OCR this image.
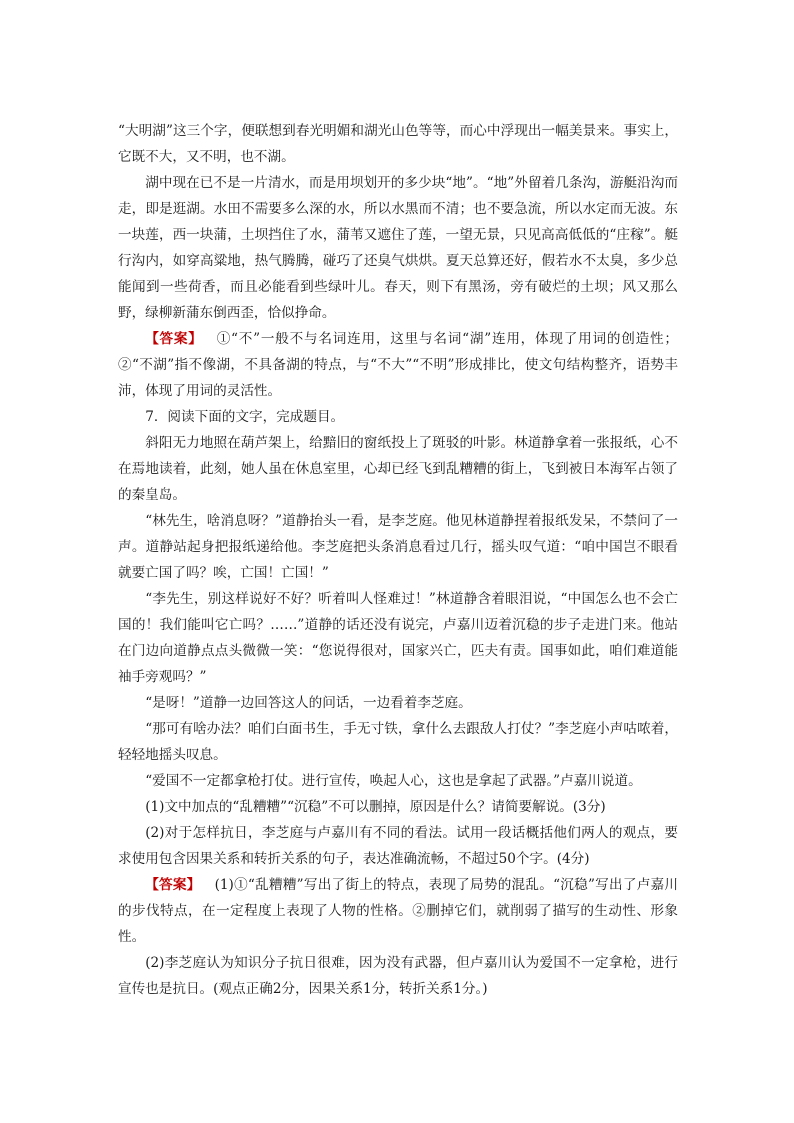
“大明湖”这三个字，便联想到春光明媚和湖光山色等等，而心中浮现出一幅美景来。事实上，它既不大，又不明，也不湖。

湖中现在已不是一片清水，而是用坝划开的多少块“地”。“地”外留着几条沟，游艇沿沟而走，即是逛湖。水田不需要多么深的水，所以水黑而不清；也不要急流，所以水定而无波。东一块莲，西一块蒲，土坝挡住了水，蒲苇又遮住了莲，一望无景，只见高高低低的“庄稼”。艇行沟内，如穿高粱地，热气腾腾，碰巧了还臭气烘烘。夏天总算还好，假若水不太臭，多少总能闻到一些荷香，而且必能看到些绿叶儿。春天，则下有黑汤，旁有破烂的土坝；风又那么野，绿柳新蒲东倒西歪，恰似挣命。

【答案】 ①“不”一般不与名词连用，这里与名词“湖”连用，体现了用词的创造性；②“不湖”指不像湖，不具备湖的特点，与“不大”“不明”形成排比，使文句结构整齐，语势丰沛，体现了用词的灵活性。

7．阅读下面的文字，完成题目。

斜阳无力地照在葫芦架上，给黯旧的窗纸投上了斑驳的叶影。林道静拿着一张报纸，心不在焉地读着，此刻，她人虽在休息室里，心却已经飞到乱糟糟的街上，飞到被日本海军占领了的秦皇岛。

“林先生，啥消息呀？”道静抬头一看，是李芝庭。他见林道静捏着报纸发呆，不禁问了一声。道静站起身把报纸递给他。李芝庭把头条消息看过几行，摇头叹气道：“咱中国岂不眼看就要亡国了吗？唉，亡国！亡国！”

“李先生，别这样说好不好？听着叫人怪难过！”林道静含着眼泪说，“中国怎么也不会亡国的！我们能叫它亡吗？……”道静的话还没有说完，卢嘉川迈着沉稳的步子走进门来。他站在门边向道静点点头微微一笑：“您说得很对，国家兴亡，匹夫有责。国事如此，咱们难道能袖手旁观吗？”

“是呀！”道静一边回答这人的问话，一边看着李芝庭。

“那可有啥办法？咱们白面书生，手无寸铁，拿什么去跟敌人打仗？”李芝庭小声咕哝着，轻轻地摇头叹息。

“爱国不一定都拿枪打仗。进行宣传，唤起人心，这也是拿起了武器。”卢嘉川说道。

(1)文中加点的“乱糟糟”“沉稳”不可以删掉，原因是什么？请简要解说。(3分)

(2)对于怎样抗日，李芝庭与卢嘉川有不同的看法。试用一段话概括他们两人的观点，要求使用包含因果关系和转折关系的句子，表达准确流畅，不超过50个字。(4分)

【答案】 (1)①“乱糟糟”写出了街上的特点，表现了局势的混乱。“沉稳”写出了卢嘉川的步伐特点，在一定程度上表现了人物的性格。②删掉它们，就削弱了描写的生动性、形象性。

(2)李芝庭认为知识分子抗日很难，因为没有武器，但卢嘉川认为爱国不一定拿枪，进行宣传也是抗日。(观点正确2分，因果关系1分，转折关系1分。)
